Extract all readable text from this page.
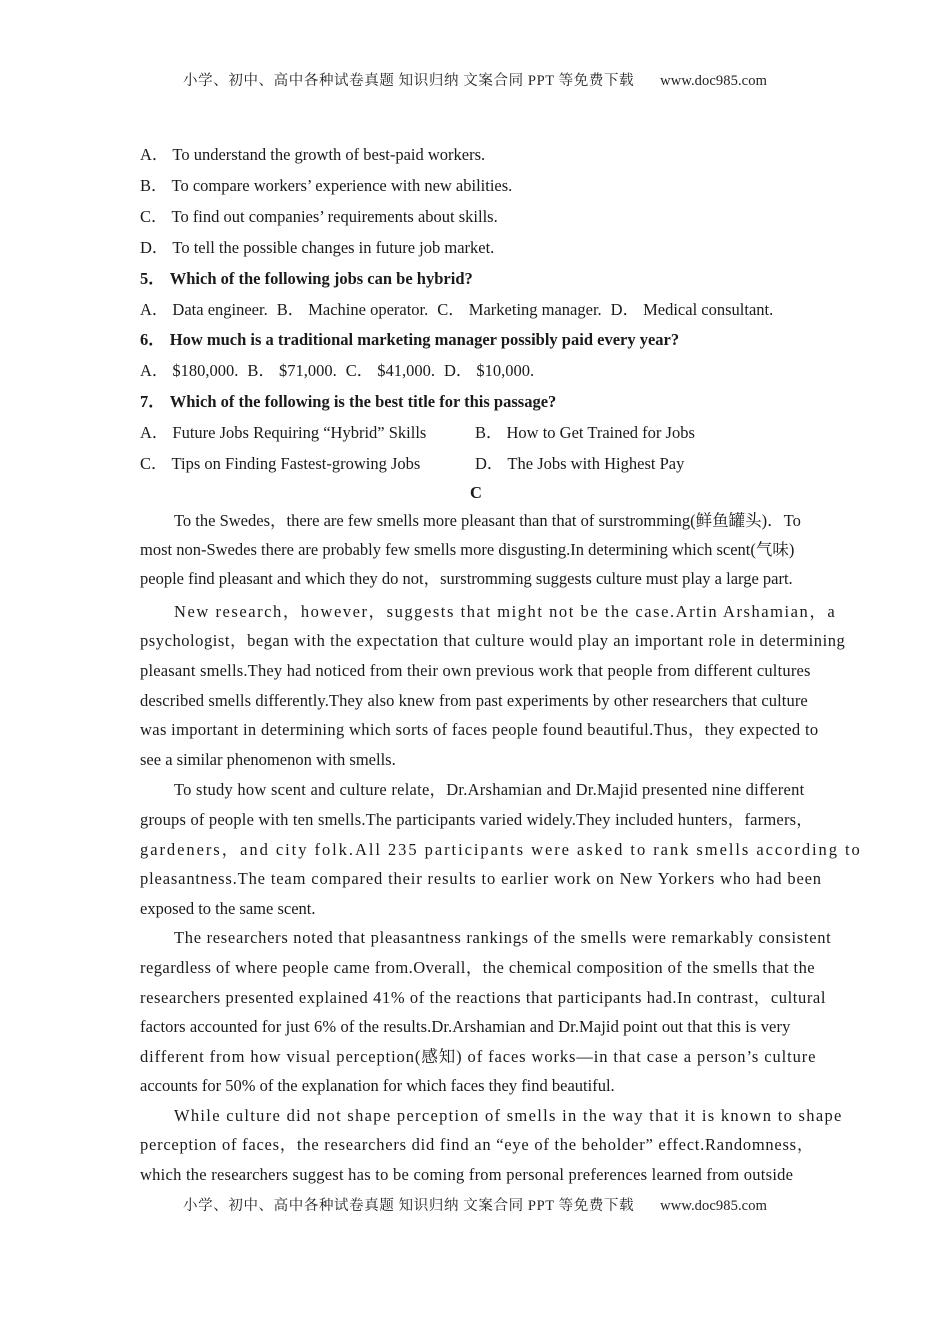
小学、初中、高中各种试卷真题 知识归纳 文案合同 PPT 等免费下载 www.doc985.com
A ． To understand the growth of best-paid workers.
B ． To compare workers’ experience with new abilities.
C ． To find out companies’ requirements about skills.
D ． To tell the possible changes in future job market.
5 ． Which of the following jobs can be hybrid?
A ． Data engineer. B ． Machine operator. C ． Marketing manager. D ． Medical consultant.
6 ． How much is a traditional marketing manager possibly paid every year?
A ． $180,000. B ． $71,000. C ． $41,000. D ． $10,000.
7 ． Which of the following is the best title for this passage?
A ． Future Jobs Requiring “Hybrid” Skills	B ． How to Get Trained for Jobs
C ． Tips on Finding Fastest-growing Jobs	D ． The Jobs with Highest Pay
C
To the Swedes，there are few smells more pleasant than that of surstromming(鲜鱼罐头)．To
most non-Swedes there are probably few smells more disgusting.In determining which scent(气味)
people find pleasant and which they do not，surstromming suggests culture must play a large part.
New research，however，suggests that might not be the case.Artin Arshamian，a
psychologist，began with the expectation that culture would play an important role in determining
pleasant smells.They had noticed from their own previous work that people from different cultures
described smells differently.They also knew from past experiments by other researchers that culture
was important in determining which sorts of faces people found beautiful.Thus，they expected to
see a similar phenomenon with smells.
To study how scent and culture relate，Dr.Arshamian and Dr.Majid presented nine different
groups of people with ten smells.The participants varied widely.They included hunters，farmers，
gardeners，and city folk.All 235 participants were asked to rank smells according to
pleasantness.The team compared their results to earlier work on New Yorkers who had been
exposed to the same scent.
The researchers noted that pleasantness rankings of the smells were remarkably consistent
regardless of where people came from.Overall，the chemical composition of the smells that the
researchers presented explained 41% of the reactions that participants had.In contrast，cultural
factors accounted for just 6% of the results.Dr.Arshamian and Dr.Majid point out that this is very
different from how visual perception(感知) of faces works—in that case a person’s culture
accounts for 50% of the explanation for which faces they find beautiful.
While culture did not shape perception of smells in the way that it is known to shape
perception of faces，the researchers did find an “eye of the beholder” effect.Randomness，
which the researchers suggest has to be coming from personal preferences learned from outside
小学、初中、高中各种试卷真题 知识归纳 文案合同 PPT 等免费下载 www.doc985.com
